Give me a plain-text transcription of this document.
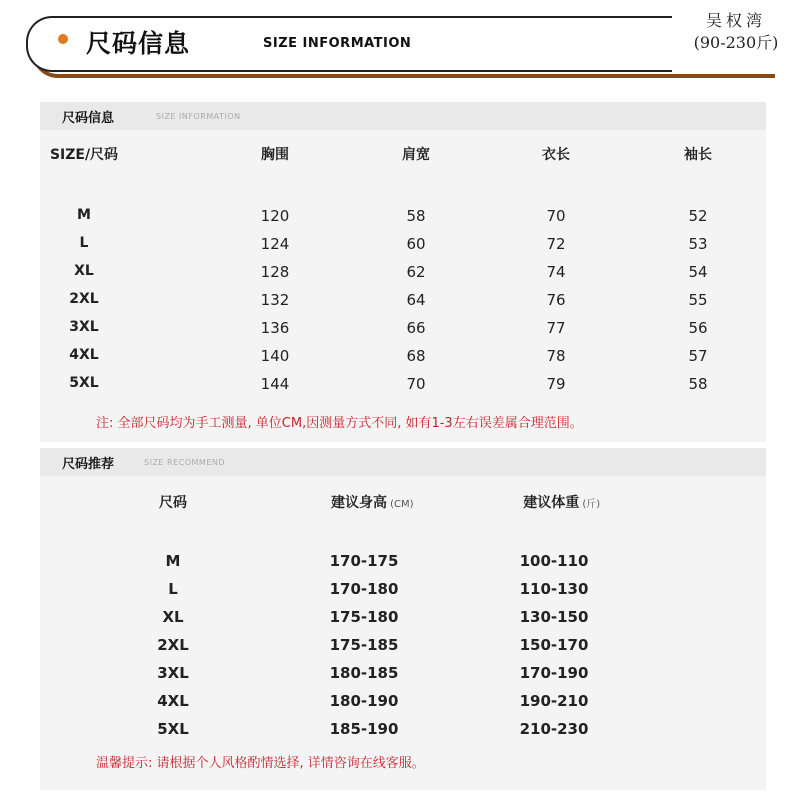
尺码信息	SIZE INFORMATION
吴权湾
(90-230斤)
尺码信息	SIZE INFORMATION
SIZE/尺码	胸围	肩宽	衣长	袖长
M	120	58	70	52
L	124	60	72	53
XL	128	62	74	54
2XL	132	64	76	55
3XL	136	66	77	56
4XL	140	68	78	57
5XL	144	70	79	58
注: 全部尺码均为手工测量, 单位CM,因测量方式不同, 如有1-3左右误差属合理范围。
尺码推荐	SIZE RECOMMEND
尺码	建议身高 (CM)	建议体重 (斤)
M	170-175	100-110
L	170-180	110-130
XL	175-180	130-150
2XL	175-185	150-170
3XL	180-185	170-190
4XL	180-190	190-210
5XL	185-190	210-230
温馨提示: 请根据个人风格酌情选择, 详情咨询在线客服。
